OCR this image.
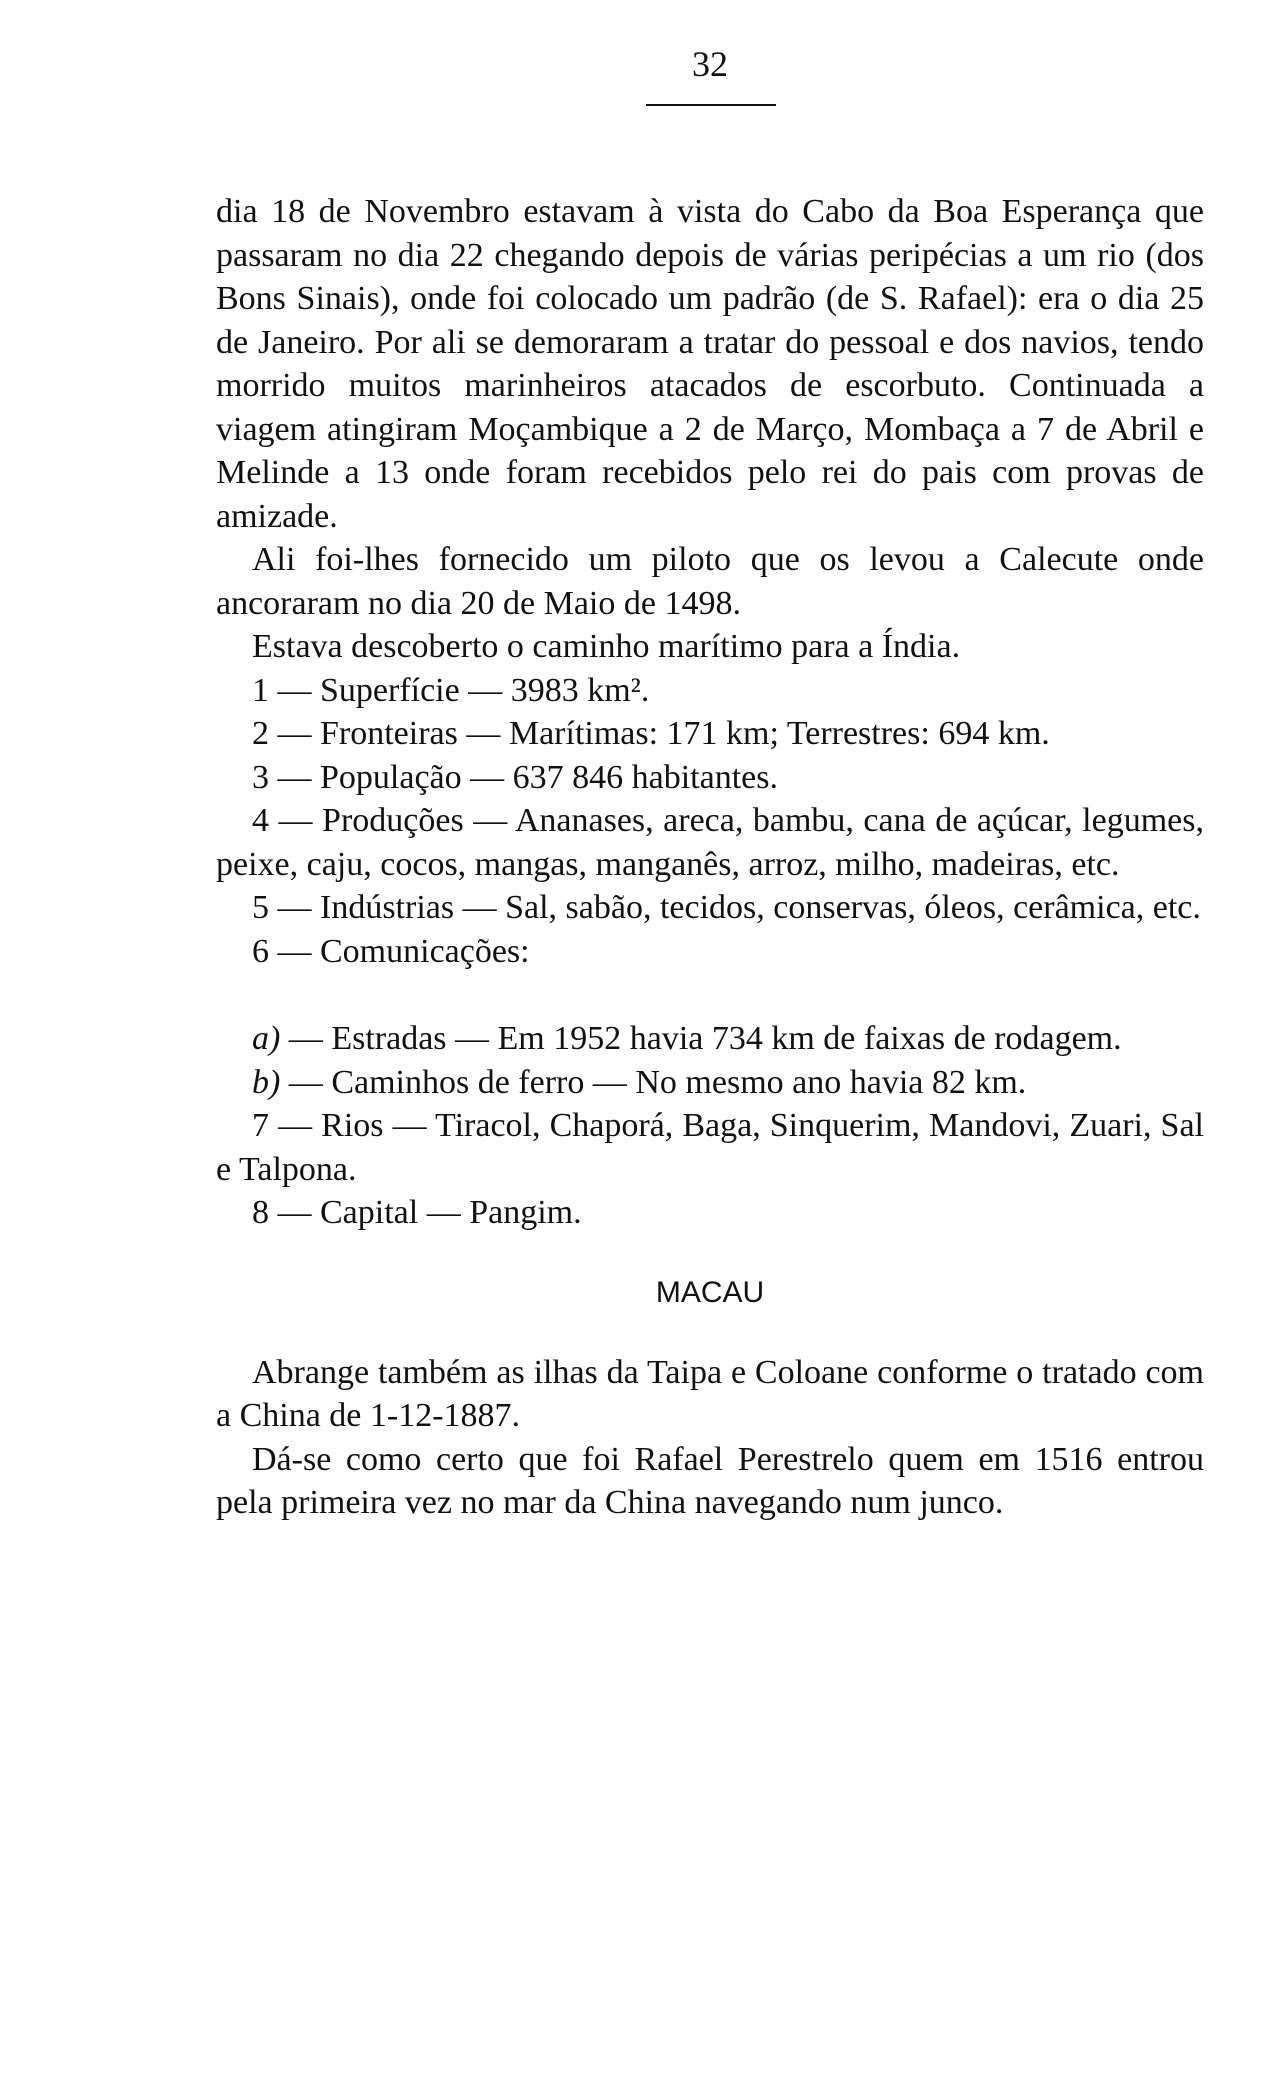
32

dia 18 de Novembro estavam à vista do Cabo da Boa Esperança que passaram no dia 22 chegando depois de várias peripécias a um rio (dos Bons Sinais), onde foi colocado um padrão (de S. Rafael): era o dia 25 de Janeiro. Por ali se demoraram a tratar do pessoal e dos navios, tendo morrido muitos marinheiros atacados de escorbuto. Continuada a viagem atingiram Moçambique a 2 de Março, Mombaça a 7 de Abril e Melinde a 13 onde foram recebidos pelo rei do pais com provas de amizade.

Ali foi-lhes fornecido um piloto que os levou a Calecute onde ancoraram no dia 20 de Maio de 1498.

Estava descoberto o caminho marítimo para a Índia.

1 — Superfície — 3983 km².

2 — Fronteiras — Marítimas: 171 km; Terrestres: 694 km.

3 — População — 637 846 habitantes.

4 — Produções — Ananases, areca, bambu, cana de açúcar, legumes, peixe, caju, cocos, mangas, manganês, arroz, milho, madeiras, etc.

5 — Indústrias — Sal, sabão, tecidos, conservas, óleos, cerâmica, etc.

6 — Comunicações:

a) — Estradas — Em 1952 havia 734 km de faixas de rodagem.

b) — Caminhos de ferro — No mesmo ano havia 82 km.

7 — Rios — Tiracol, Chaporá, Baga, Sinquerim, Mandovi, Zuari, Sal e Talpona.

8 — Capital — Pangim.

MACAU

Abrange também as ilhas da Taipa e Coloane conforme o tratado com a China de 1-12-1887.

Dá-se como certo que foi Rafael Perestrelo quem em 1516 entrou pela primeira vez no mar da China navegando num junco.
